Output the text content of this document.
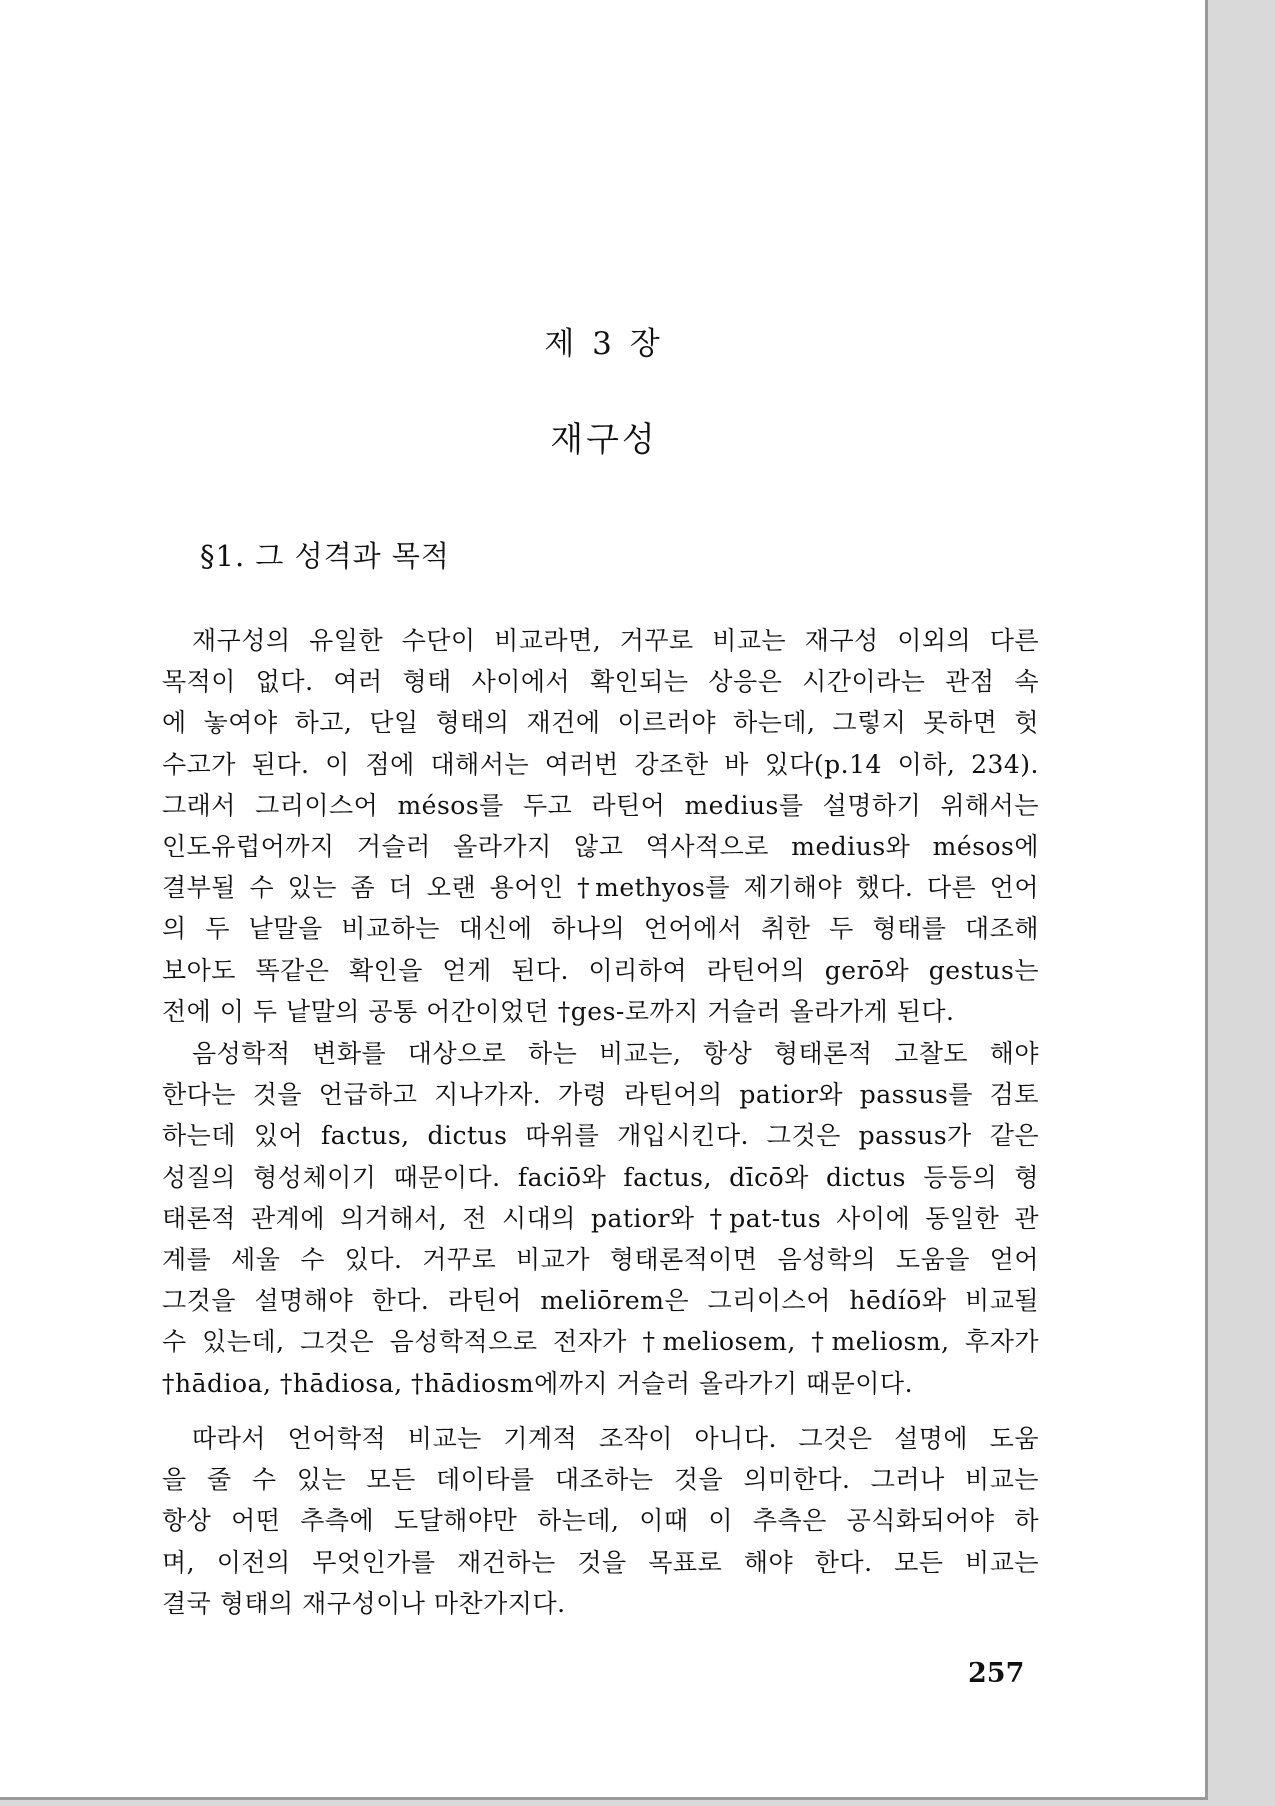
제 3 장
재구성
§1. 그 성격과 목적
재구성의 유일한 수단이 비교라면, 거꾸로 비교는 재구성 이외의 다른
목적이 없다. 여러 형태 사이에서 확인되는 상응은 시간이라는 관점 속
에 놓여야 하고, 단일 형태의 재건에 이르러야 하는데, 그렇지 못하면 헛
수고가 된다. 이 점에 대해서는 여러번 강조한 바 있다(p.14 이하, 234).
그래서 그리이스어 mésos를 두고 라틴어 medius를 설명하기 위해서는
인도유럽어까지 거슬러 올라가지 않고 역사적으로 medius와 mésos에
결부될 수 있는 좀 더 오랜 용어인 †methyos를 제기해야 했다. 다른 언어
의 두 낱말을 비교하는 대신에 하나의 언어에서 취한 두 형태를 대조해
보아도 똑같은 확인을 얻게 된다. 이리하여 라틴어의 gerō와 gestus는
전에 이 두 낱말의 공통 어간이었던 †ges-로까지 거슬러 올라가게 된다.
음성학적 변화를 대상으로 하는 비교는, 항상 형태론적 고찰도 해야
한다는 것을 언급하고 지나가자. 가령 라틴어의 patior와 passus를 검토
하는데 있어 factus, dictus 따위를 개입시킨다. 그것은 passus가 같은
성질의 형성체이기 때문이다. faciō와 factus, dīcō와 dictus 등등의 형
태론적 관계에 의거해서, 전 시대의 patior와 †pat-tus 사이에 동일한 관
계를 세울 수 있다. 거꾸로 비교가 형태론적이면 음성학의 도움을 얻어
그것을 설명해야 한다. 라틴어 meliōrem은 그리이스어 hēdíō와 비교될
수 있는데, 그것은 음성학적으로 전자가 †meliosem, †meliosm, 후자가
†hādioa, †hādiosa, †hādiosm에까지 거슬러 올라가기 때문이다.
따라서 언어학적 비교는 기계적 조작이 아니다. 그것은 설명에 도움
을 줄 수 있는 모든 데이타를 대조하는 것을 의미한다. 그러나 비교는
항상 어떤 추측에 도달해야만 하는데, 이때 이 추측은 공식화되어야 하
며, 이전의 무엇인가를 재건하는 것을 목표로 해야 한다. 모든 비교는
결국 형태의 재구성이나 마찬가지다.
257
